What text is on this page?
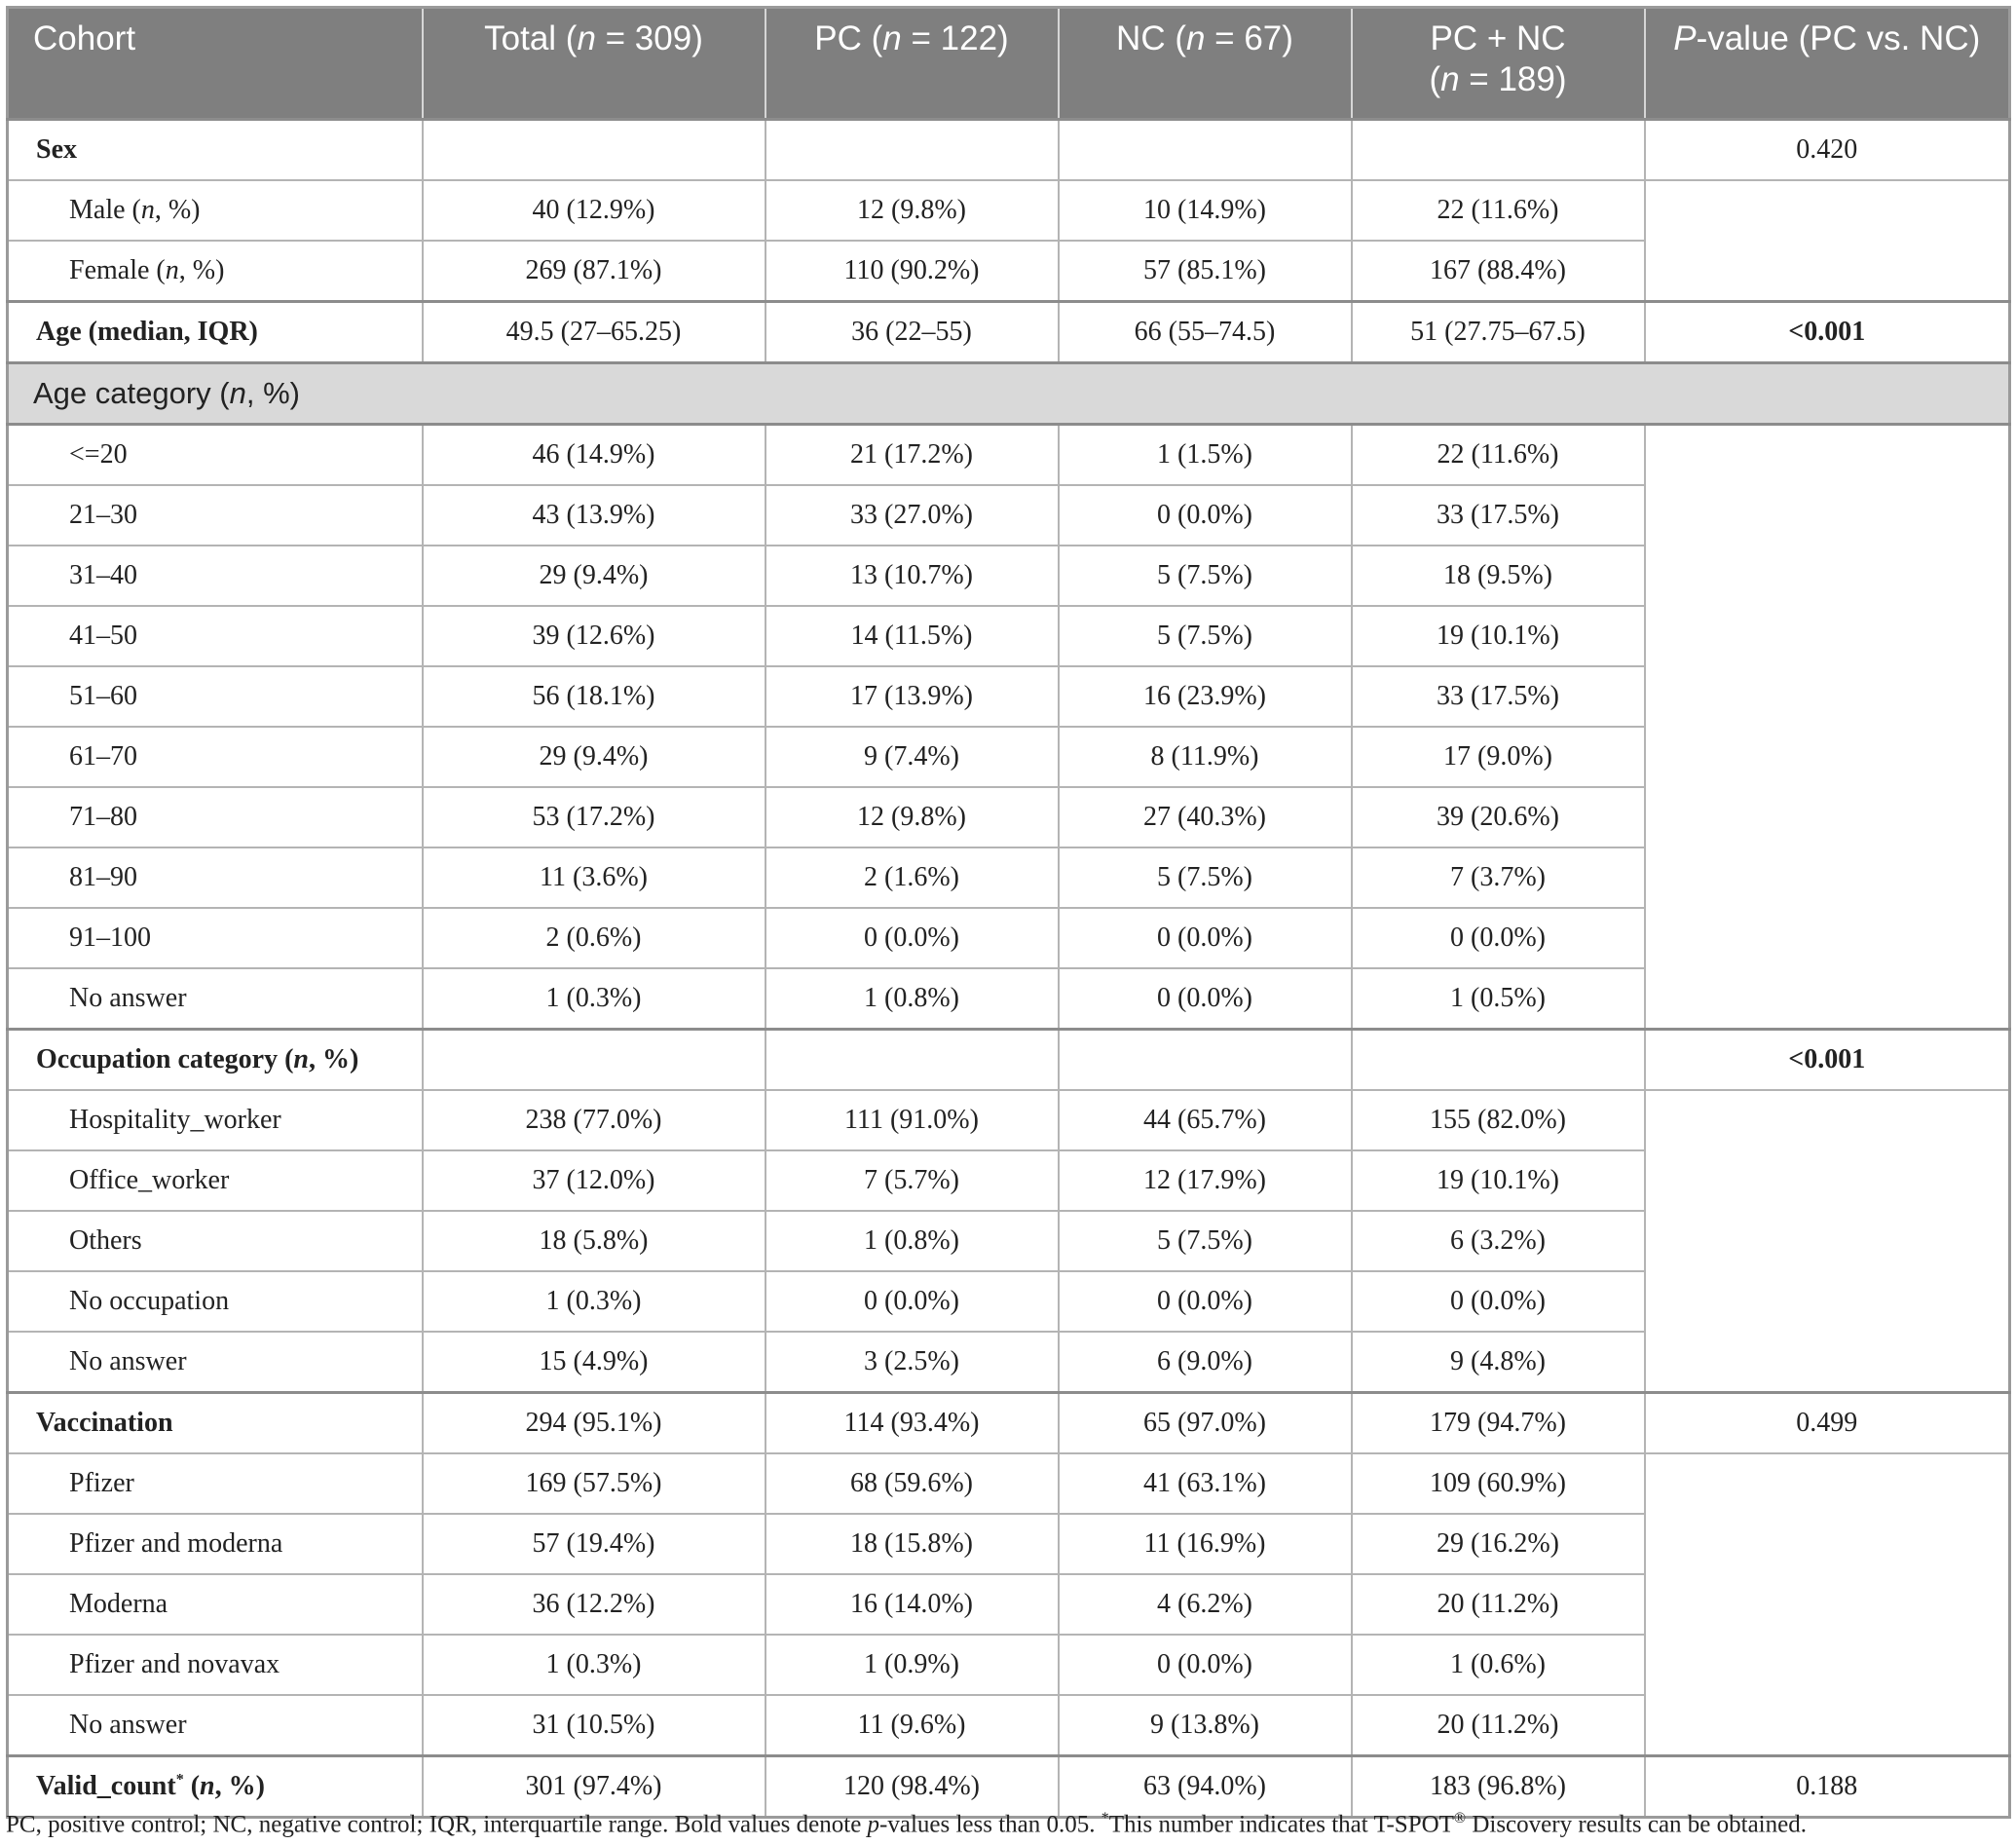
Cohort	Total (n = 309)	PC (n = 122)	NC (n = 67)	PC + NC
(n = 189)	P-value (PC vs. NC)
Sex					0.420
Male (n, %)	40 (12.9%)	12 (9.8%)	10 (14.9%)	22 (11.6%)	
Female (n, %)	269 (87.1%)	110 (90.2%)	57 (85.1%)	167 (88.4%)	
Age (median, IQR)	49.5 (27–65.25)	36 (22–55)	66 (55–74.5)	51 (27.75–67.5)	<0.001
Age category (n, %)					
<=20	46 (14.9%)	21 (17.2%)	1 (1.5%)	22 (11.6%)	
21–30	43 (13.9%)	33 (27.0%)	0 (0.0%)	33 (17.5%)	
31–40	29 (9.4%)	13 (10.7%)	5 (7.5%)	18 (9.5%)	
41–50	39 (12.6%)	14 (11.5%)	5 (7.5%)	19 (10.1%)	
51–60	56 (18.1%)	17 (13.9%)	16 (23.9%)	33 (17.5%)	
61–70	29 (9.4%)	9 (7.4%)	8 (11.9%)	17 (9.0%)	
71–80	53 (17.2%)	12 (9.8%)	27 (40.3%)	39 (20.6%)	
81–90	11 (3.6%)	2 (1.6%)	5 (7.5%)	7 (3.7%)	
91–100	2 (0.6%)	0 (0.0%)	0 (0.0%)	0 (0.0%)	
No answer	1 (0.3%)	1 (0.8%)	0 (0.0%)	1 (0.5%)	
Occupation category (n, %)					<0.001
Hospitality_worker	238 (77.0%)	111 (91.0%)	44 (65.7%)	155 (82.0%)	
Office_worker	37 (12.0%)	7 (5.7%)	12 (17.9%)	19 (10.1%)	
Others	18 (5.8%)	1 (0.8%)	5 (7.5%)	6 (3.2%)	
No occupation	1 (0.3%)	0 (0.0%)	0 (0.0%)	0 (0.0%)	
No answer	15 (4.9%)	3 (2.5%)	6 (9.0%)	9 (4.8%)	
Vaccination	294 (95.1%)	114 (93.4%)	65 (97.0%)	179 (94.7%)	0.499
Pfizer	169 (57.5%)	68 (59.6%)	41 (63.1%)	109 (60.9%)	
Pfizer and moderna	57 (19.4%)	18 (15.8%)	11 (16.9%)	29 (16.2%)	
Moderna	36 (12.2%)	16 (14.0%)	4 (6.2%)	20 (11.2%)	
Pfizer and novavax	1 (0.3%)	1 (0.9%)	0 (0.0%)	1 (0.6%)	
No answer	31 (10.5%)	11 (9.6%)	9 (13.8%)	20 (11.2%)	
Valid_count* (n, %)	301 (97.4%)	120 (98.4%)	63 (94.0%)	183 (96.8%)	0.188
PC, positive control; NC, negative control; IQR, interquartile range. Bold values denote p-values less than 0.05. *This number indicates that T-SPOT® Discovery results can be obtained.
